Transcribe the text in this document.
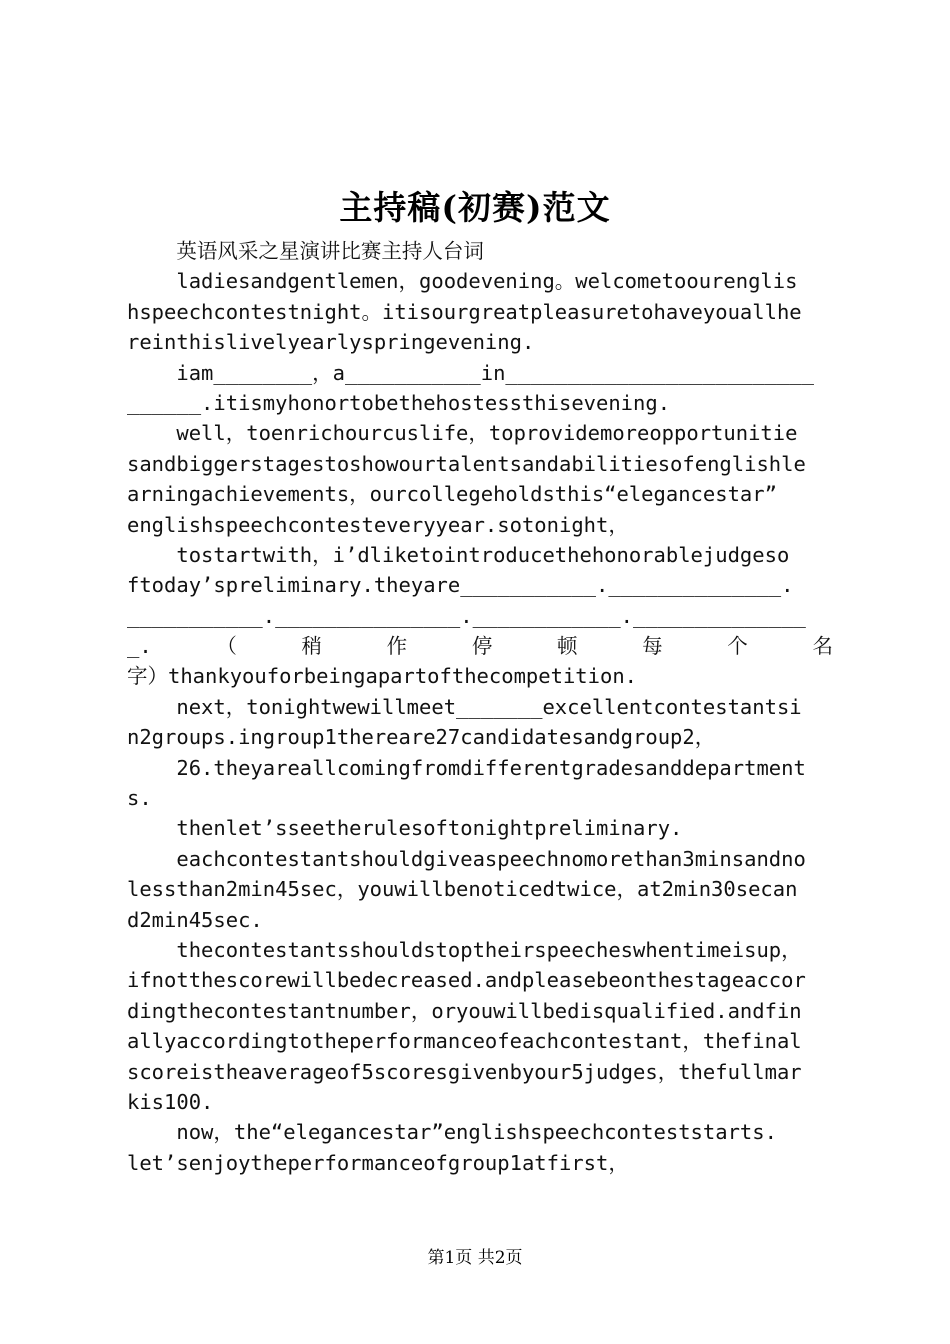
主持稿(初赛)范文
英语风采之星演讲比赛主持人台词
ladiesandgentlemen，goodevening。welcometoourenglis
hspeechcontestnight。itisourgreatpleasuretohaveyouallhe
reinthislivelyearlyspringevening.
iam________，a___________in_________________________
______.itismyhonortobethehostessthisevening.
well，toenrichourcuslife，toprovidemoreopportunitie
sandbiggerstagestoshowourtalentsandabilitiesofenglishle
arningachievements，ourcollegeholdsthis“elegancestar”
englishspeechcontesteveryyear.sotonight，
tostartwith，i’dliketointroducethehonorablejudgeso
ftoday’spreliminary.theyare___________.______________.
___________._______________.____________.______________
_.	（	稍	作	停	顿	每	个	名
字）thankyouforbeingapartofthecompetition.
next，tonightwewillmeet_______excellentcontestantsi
n2groups.ingroup1thereare27candidatesandgroup2，
26.theyareallcomingfromdifferentgradesanddepartment
s.
thenlet’sseetherulesoftonightpreliminary.
eachcontestantshouldgiveaspeechnomorethan3minsandno
lessthan2min45sec，youwillbenoticedtwice，at2min30secan
d2min45sec.
thecontestantsshouldstoptheirspeecheswhentimeisup，
ifnotthescorewillbedecreased.andpleasebeonthestageaccor
dingthecontestantnumber，oryouwillbedisqualified.andfin
allyaccordingtotheperformanceofeachcontestant，thefinal
scoreistheaverageof5scoresgivenbyour5judges，thefullmar
kis100.
now，the“elegancestar”englishspeechcontestst​arts.
let’senjoytheperformanceofgroup1atfirst，
第1页 共2页
